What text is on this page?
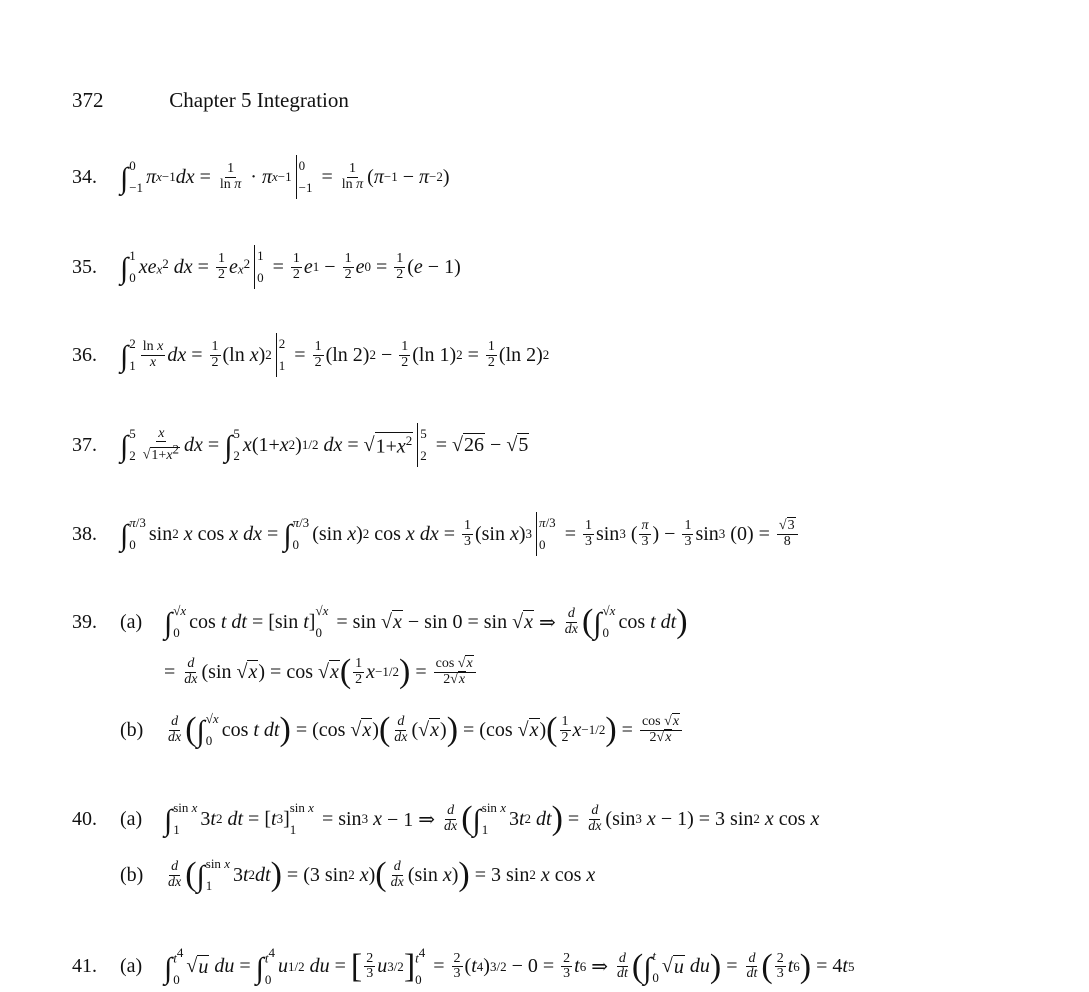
372	Chapter 5 Integration
34. ∫ 0
−1 π x−1 dx = $\frac{1}{\text{ln π}} \cdot \pi$ x−1
0
$-1 = \frac{1}{\text{ln π}}$ ( π −1 − π −2 )
35. ∫ 1
0 xe $x^2$
dx = $\frac{1}{2}$ e $x^2$
1
$0 = \frac{1}{2}$ e $1 - \frac{1}{2}$ e $0 = \frac{1}{2}$ ( e − 1)
36. ∫ 2
$1 \frac{\text{ln x}}{x}$ dx = $\frac{1}{2} (\ln$ x ) 2
2
$1 = \frac{1}{2} (\ln$ 2) $2 - \frac{1}{2} (\ln$ 1) $2 = \frac{1}{2} (\ln$ 2) 2
37. ∫ 5
$2 \frac{x}{√1+x^2}$ dx = ∫ 5
2 x (1+ x 2 ) 1/2
dx = √ $1+x^2$ 5
2 = √ 26 − √ 5
38. ∫ π/3
0 sin 2
x cos x
dx = ∫ π/3
0 (sin x ) 2 cos x
dx = $\frac{1}{3} (\sin$ x ) 3
π/3
$0 = \frac{1}{3}$ sin 3 ( $\frac{\pi}{3}$ ) − $\frac{1}{3}$ sin 3 $(0) = \frac{√3}{8}$
39.	(a) ∫ √x
0 cos t
dt = [sin t ]
√x
0 = sin √ x − sin 0 = sin √ x ⇒ $\frac{d}{dx}$ ( ∫ √x
0 cos t
dt )
= $\frac{d}{dx} (\sin$ √ x ) = cos √ x ( $\frac{1}{2}$ x −1/2 ) = $\frac{\cos √x}{2√x}$
(b)	$\frac{d}{dx}$ ( ∫ √x
0 cos t
dt ) = (cos √ x ) ( $\frac{d}{dx}$ (√ x ) ) = (cos √ x ) ( $\frac{1}{2}$ x −1/2 ) = $\frac{\cos √x}{2√x}$
40.	(a) ∫ sin x
1	3 t 2
dt = [ t 3 ]
sin x
1	= sin 3
x − 1 ⇒ $\frac{d}{dx}$ ( ∫ sin x
1	3 t 2
dt ) = $\frac{d}{dx} (\sin$ 3
x − 1) = 3 sin 2
x cos x
(b)	$\frac{d}{dx}$ ( ∫ sin x
1	3 t 2 dt ) = (3 sin 2
x ) ( $\frac{d}{dx} (\sin$ x ) ) = 3 sin 2
x cos x
41.	(a) ∫ $t^4$
0
√ u
du = ∫ $t^4$
0
u 1/2
du = [ $\frac{2}{3}$ u 3/2 ] $t^4$
0
= $\frac{2}{3}$ ( t 4 ) $3/2 - 0 = \frac{2}{3}$ t 6 ⇒ $\frac{d}{dt}$ ( ∫ t
0 √ u
du ) = $\frac{d}{dt}$ ( $\frac{2}{3}$ t 6 ) = 4 t 5
